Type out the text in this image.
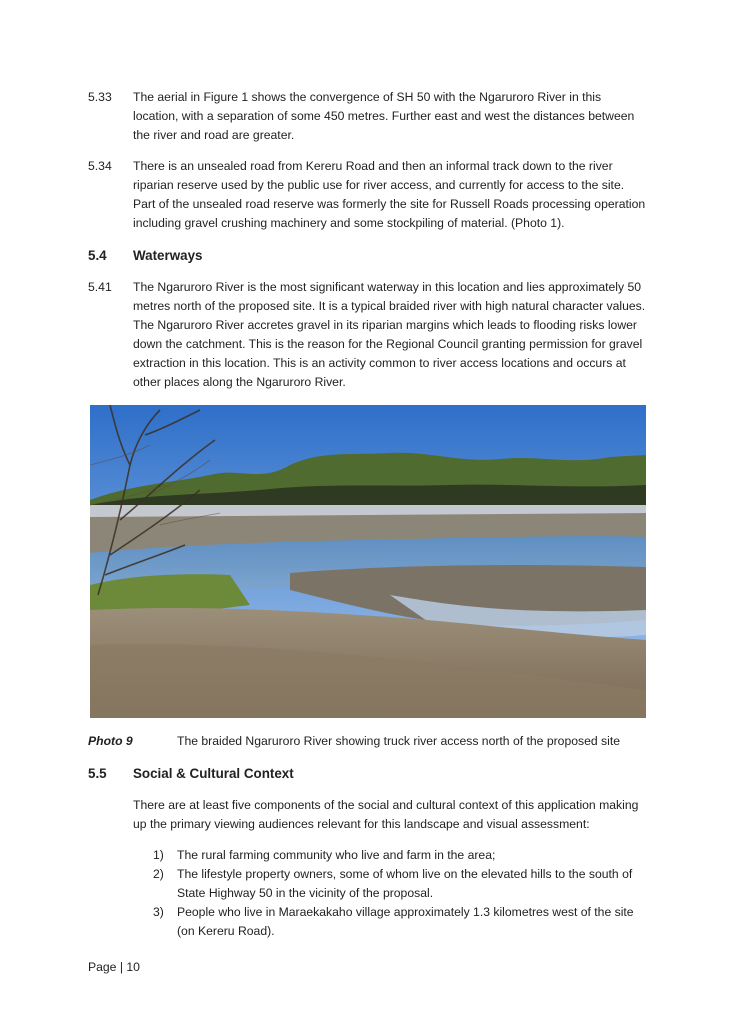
5.33	The aerial in Figure 1 shows the convergence of SH 50 with the Ngaruroro River in this location, with a separation of some 450 metres. Further east and west the distances between the river and road are greater.
5.34	There is an unsealed road from Kereru Road and then an informal track down to the river riparian reserve used by the public use for river access, and currently for access to the site. Part of the unsealed road reserve was formerly the site for Russell Roads processing operation including gravel crushing machinery and some stockpiling of material. (Photo 1).
5.4 Waterways
5.41	The Ngaruroro River is the most significant waterway in this location and lies approximately 50 metres north of the proposed site. It is a typical braided river with high natural character values. The Ngaruroro River accretes gravel in its riparian margins which leads to flooding risks lower down the catchment. This is the reason for the Regional Council granting permission for gravel extraction in this location. This is an activity common to river access locations and occurs at other places along the Ngaruroro River.
Photo 9	The braided Ngaruroro River showing truck river access north of the proposed site
5.5 Social & Cultural Context
There are at least five components of the social and cultural context of this application making up the primary viewing audiences relevant for this landscape and visual assessment:
1) The rural farming community who live and farm in the area;
2) The lifestyle property owners, some of whom live on the elevated hills to the south of State Highway 50 in the vicinity of the proposal.
3) People who live in Maraekakaho village approximately 1.3 kilometres west of the site (on Kereru Road).
Page | 10
